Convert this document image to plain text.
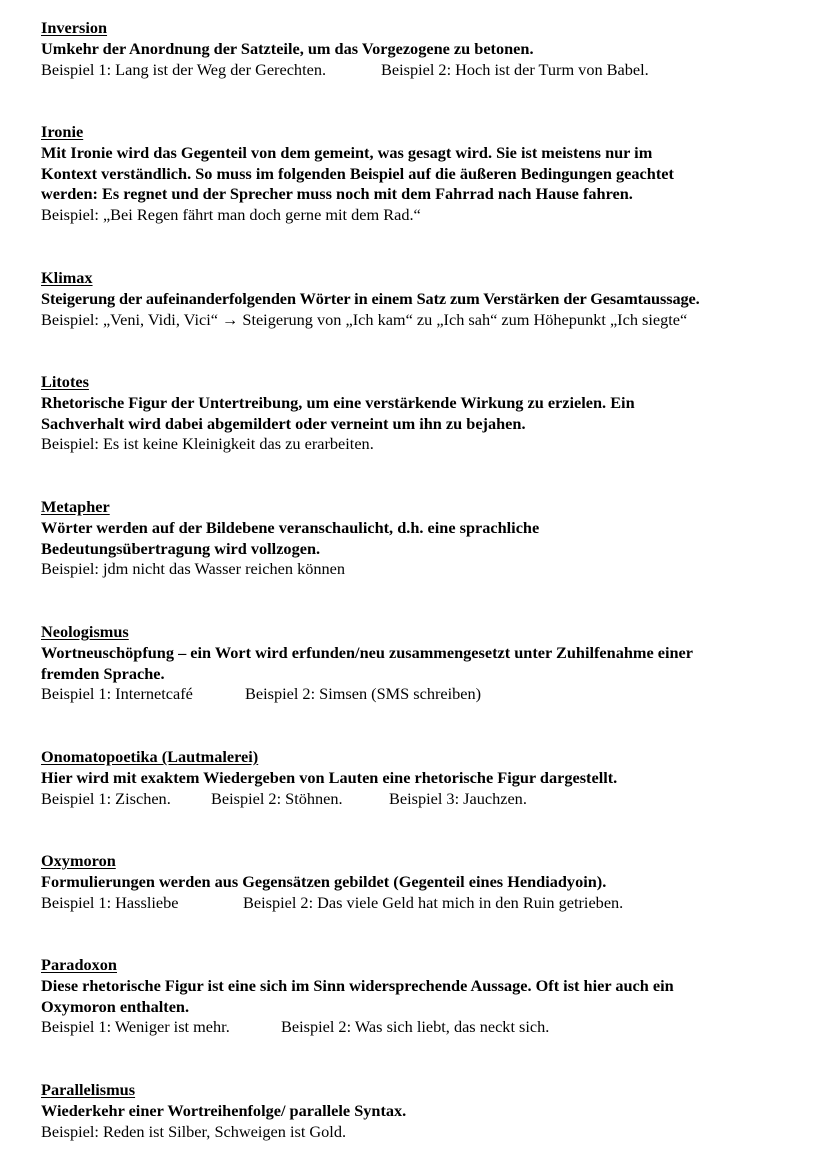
Inversion
Umkehr der Anordnung der Satzteile, um das Vorgezogene zu betonen.
Beispiel 1: Lang ist der Weg der Gerechten.	Beispiel 2: Hoch ist der Turm von Babel.
Ironie
Mit Ironie wird das Gegenteil von dem gemeint, was gesagt wird. Sie ist meistens nur im
Kontext verständlich. So muss im folgenden Beispiel auf die äußeren Bedingungen geachtet
werden: Es regnet und der Sprecher muss noch mit dem Fahrrad nach Hause fahren.
Beispiel: „Bei Regen fährt man doch gerne mit dem Rad.“
Klimax
Steigerung der aufeinanderfolgenden Wörter in einem Satz zum Verstärken der Gesamtaussage.
Beispiel: „Veni, Vidi, Vici“ → Steigerung von „Ich kam“ zu „Ich sah“ zum Höhepunkt „Ich siegte“
Litotes
Rhetorische Figur der Untertreibung, um eine verstärkende Wirkung zu erzielen. Ein
Sachverhalt wird dabei abgemildert oder verneint um ihn zu bejahen.
Beispiel: Es ist keine Kleinigkeit das zu erarbeiten.
Metapher
Wörter werden auf der Bildebene veranschaulicht, d.h. eine sprachliche
Bedeutungsübertragung wird vollzogen.
Beispiel: jdm nicht das Wasser reichen können
Neologismus
Wortneuschöpfung – ein Wort wird erfunden/neu zusammengesetzt unter Zuhilfenahme einer
fremden Sprache.
Beispiel 1: Internetcafé	Beispiel 2: Simsen (SMS schreiben)
Onomatopoetika (Lautmalerei)
Hier wird mit exaktem Wiedergeben von Lauten eine rhetorische Figur dargestellt.
Beispiel 1: Zischen. Beispiel 2: Stöhnen.	Beispiel 3: Jauchzen.
Oxymoron
Formulierungen werden aus Gegensätzen gebildet (Gegenteil eines Hendiadyoin).
Beispiel 1: Hassliebe	Beispiel 2: Das viele Geld hat mich in den Ruin getrieben.
Paradoxon
Diese rhetorische Figur ist eine sich im Sinn widersprechende Aussage. Oft ist hier auch ein
Oxymoron enthalten.
Beispiel 1: Weniger ist mehr.	Beispiel 2: Was sich liebt, das neckt sich.
Parallelismus
Wiederkehr einer Wortreihenfolge/ parallele Syntax.
Beispiel: Reden ist Silber, Schweigen ist Gold.
